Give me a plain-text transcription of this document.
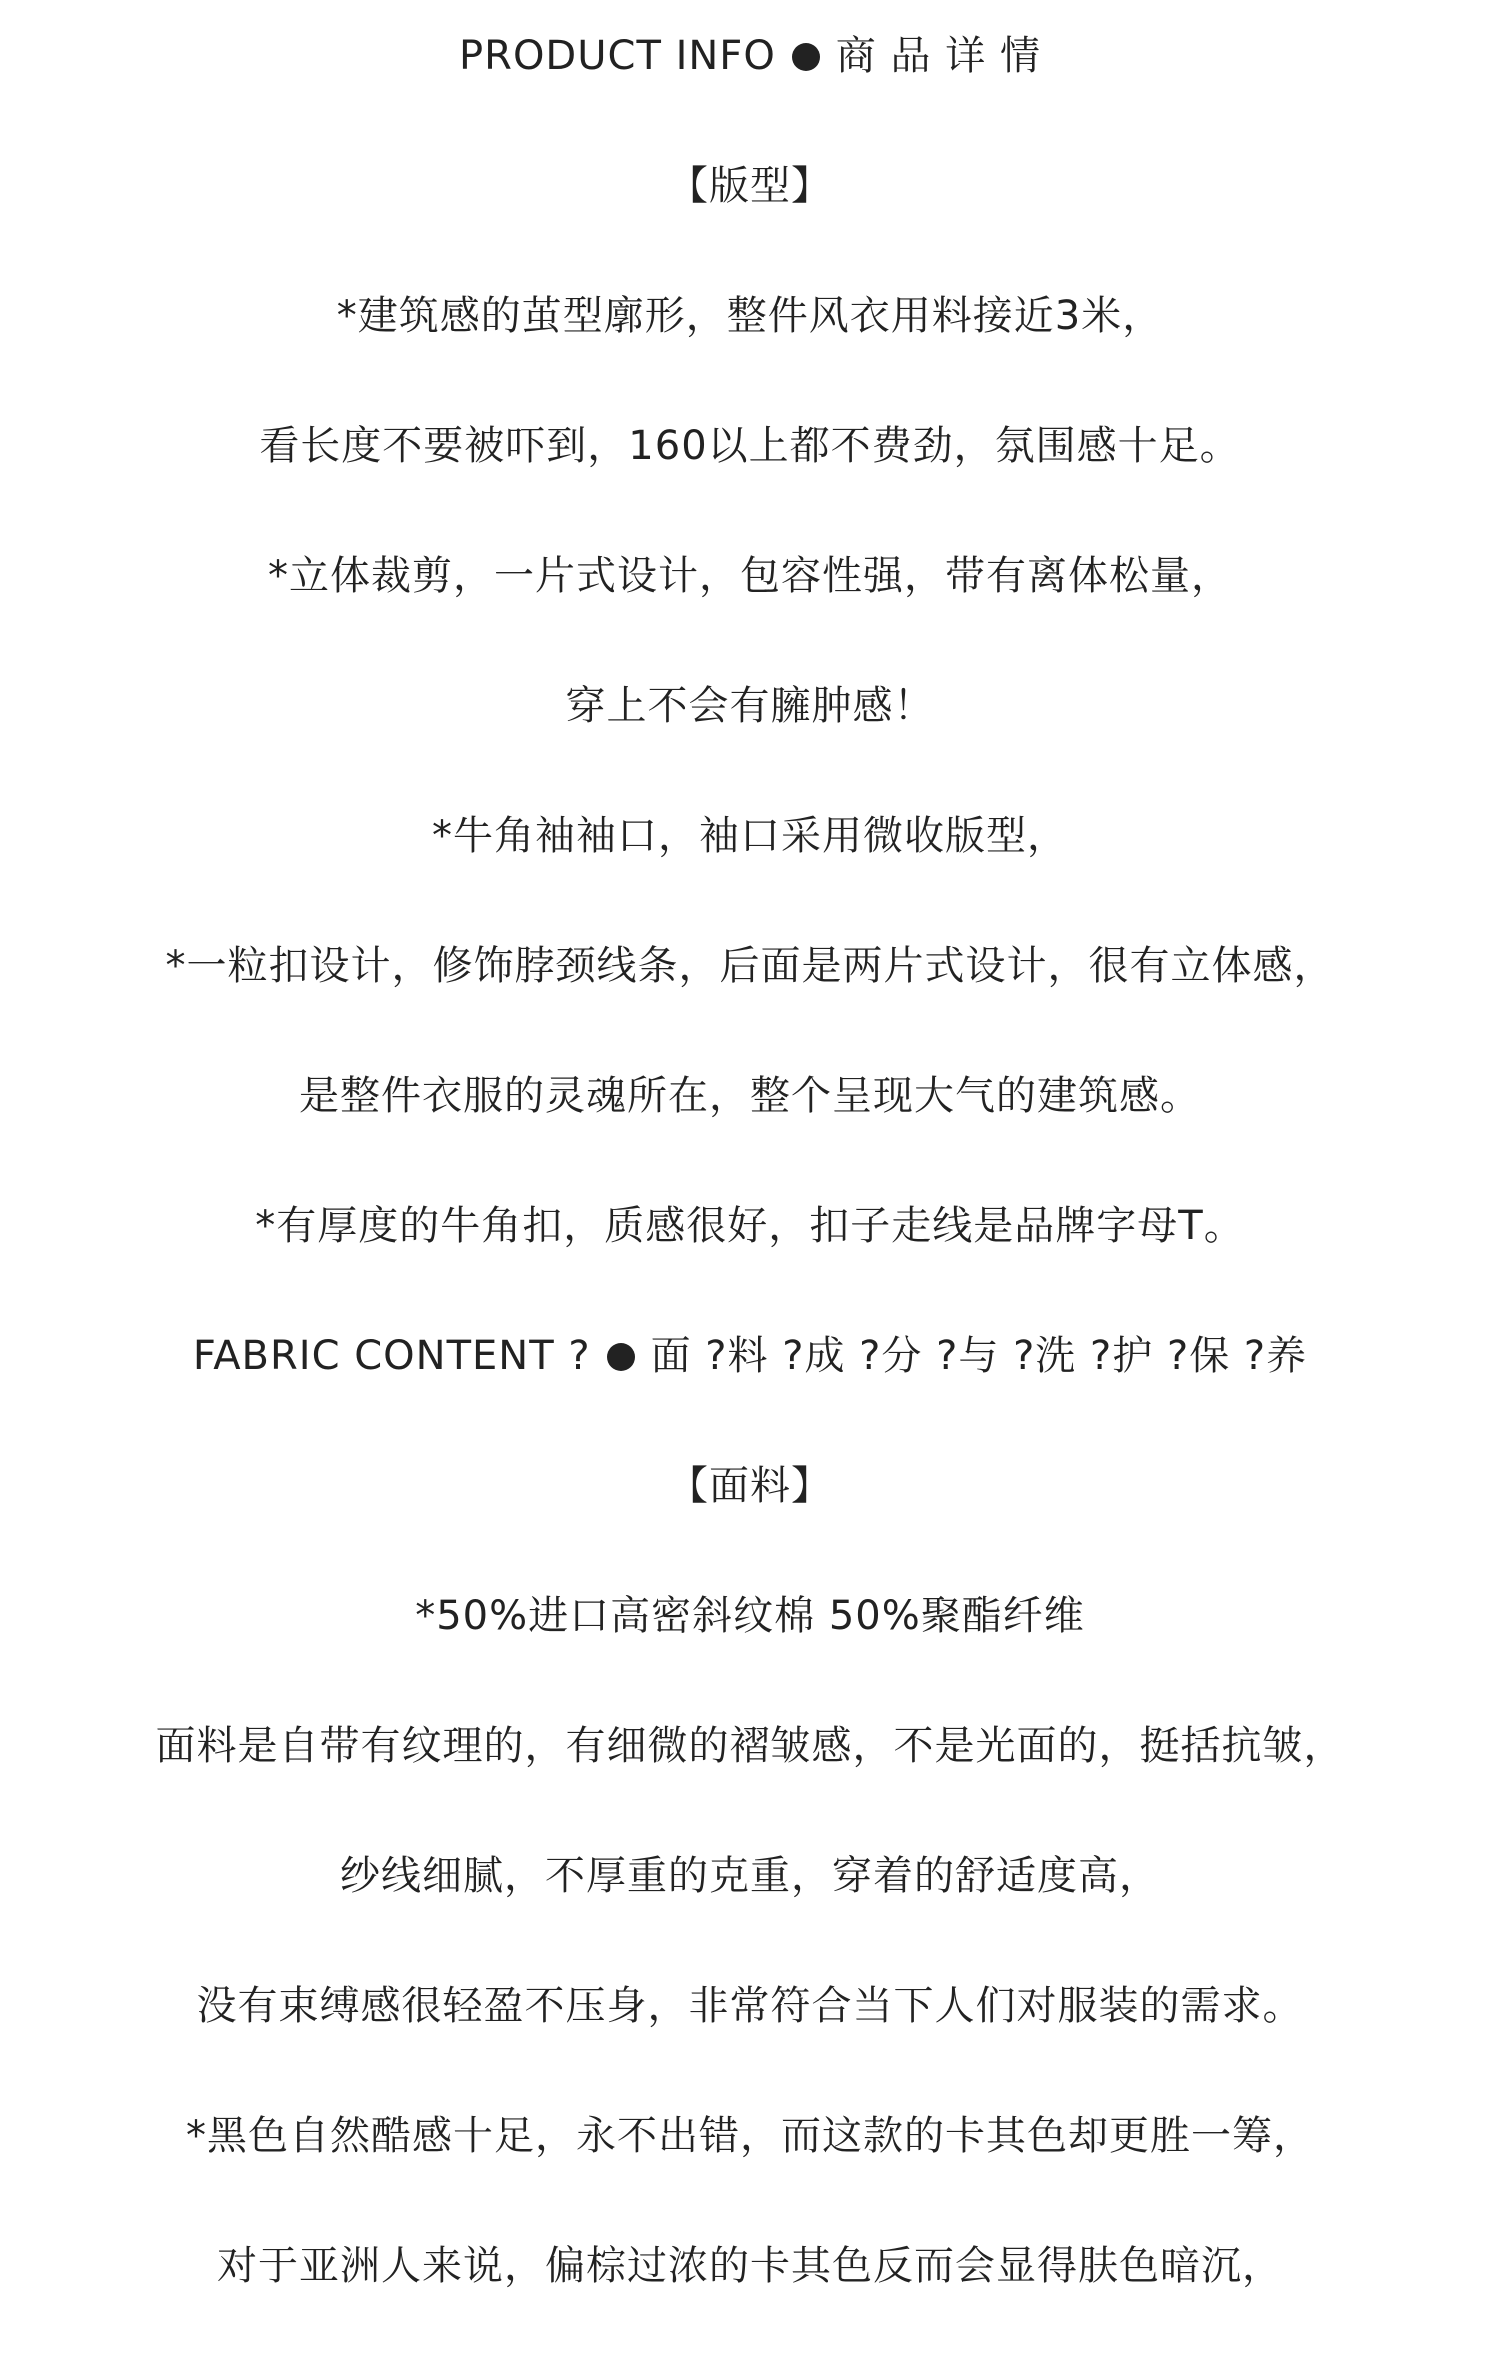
PRODUCT INFO 商 品 详 情
【版型】
*建筑感的茧型廓形，整件风衣用料接近3米，
看长度不要被吓到，160以上都不费劲，氛围感十足。
*立体裁剪，一片式设计，包容性强，带有离体松量，
穿上不会有臃肿感！
*牛角袖袖口，袖口采用微收版型，
*一粒扣设计，修饰脖颈线条，后面是两片式设计，很有立体感，
是整件衣服的灵魂所在，整个呈现大气的建筑感。
*有厚度的牛角扣，质感很好，扣子走线是品牌字母T。
FABRIC CONTENT ? 面 ?料 ?成 ?分 ?与 ?洗 ?护 ?保 ?养
【面料】
*50%进口高密斜纹棉 50%聚酯纤维
面料是自带有纹理的，有细微的褶皱感，不是光面的，挺括抗皱，
纱线细腻，不厚重的克重，穿着的舒适度高，
没有束缚感很轻盈不压身，非常符合当下人们对服装的需求。
*黑色自然酷感十足，永不出错，而这款的卡其色却更胜一筹，
对于亚洲人来说，偏棕过浓的卡其色反而会显得肤色暗沉，
